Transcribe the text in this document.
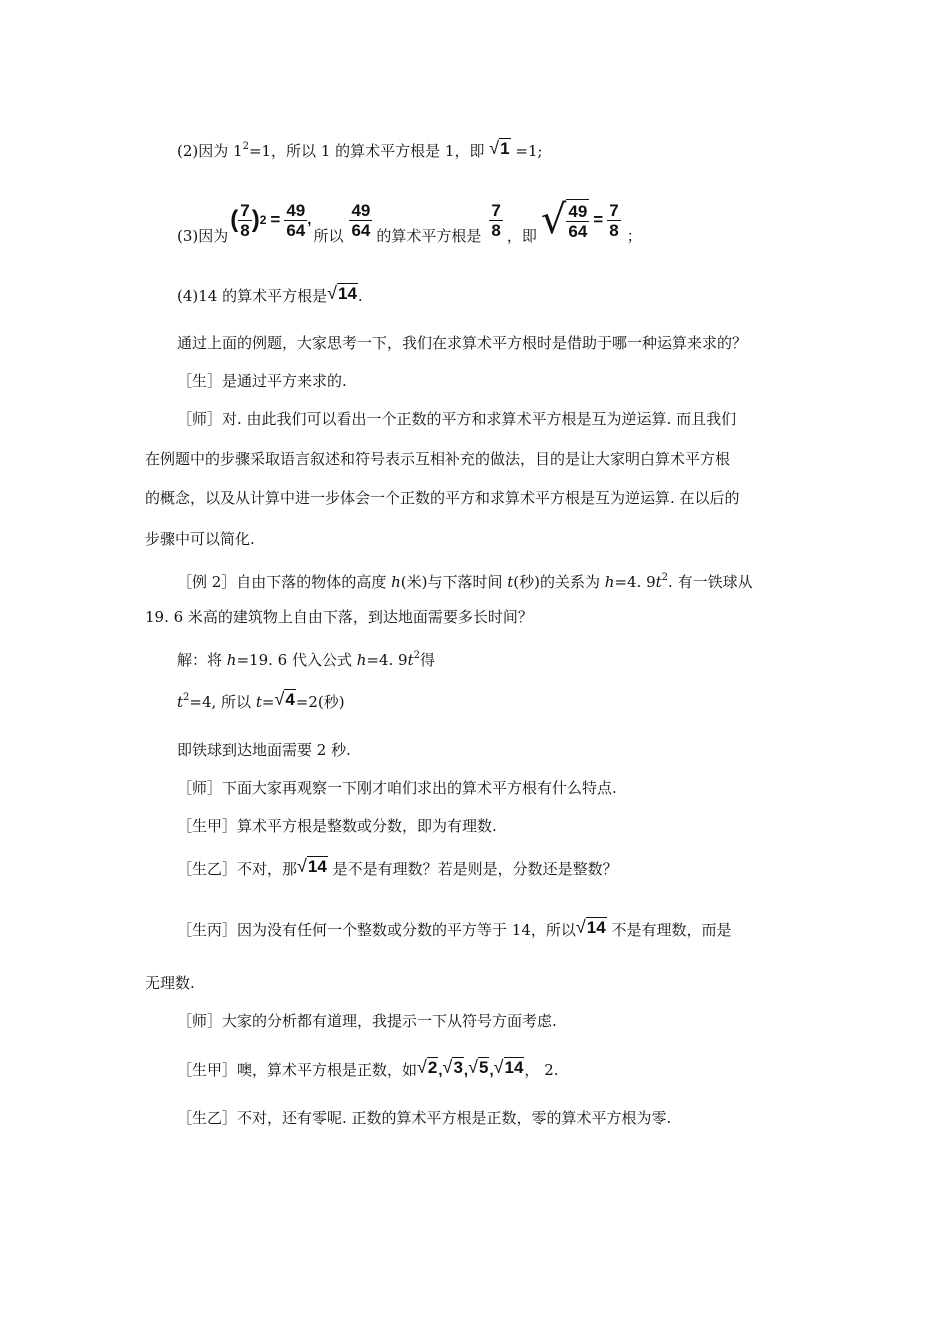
(2)因为 $1^2=1$，所以 1 的算术平方根是 1，即 √1 =1;
(3)因为
( $\frac{7}{8}$ ) $2 = \frac{49}{64}$ ,
所以 $\frac{49}{64}$ 的算术平方根是 $\frac{7}{8}$ ，即 √ $\frac{49}{64} = \frac{7}{8}$ ；
(4)14 的算术平方根是√14.
通过上面的例题，大家思考一下，我们在求算术平方根时是借助于哪一种运算来求的？
［生］是通过平方来求的.
［师］对. 由此我们可以看出一个正数的平方和求算术平方根是互为逆运算. 而且我们
在例题中的步骤采取语言叙述和符号表示互相补充的做法，目的是让大家明白算术平方根
的概念，以及从计算中进一步体会一个正数的平方和求算术平方根是互为逆运算. 在以后的
步骤中可以简化.
［例 2］自由下落的物体的高度 h(米)与下落时间 t(秒)的关系为 h=4. $9t^2$. 有一铁球从
19. 6 米高的建筑物上自由下落，到达地面需要多长时间？
解：将 h=19. 6 代入公式 h=4. $9t^2$得
$t^2=4$, 所以 t=√4=2(秒)
即铁球到达地面需要 2 秒.
［师］下面大家再观察一下刚才咱们求出的算术平方根有什么特点.
［生甲］算术平方根是整数或分数，即为有理数.
［生乙］不对，那√14 是不是有理数？若是则是，分数还是整数？
［生丙］因为没有任何一个整数或分数的平方等于 14，所以√14 不是有理数，而是
无理数.
［师］大家的分析都有道理，我提示一下从符号方面考虑.
［生甲］噢，算术平方根是正数，如√2,√3,√5,√14， 2.
［生乙］不对，还有零呢. 正数的算术平方根是正数，零的算术平方根为零.
